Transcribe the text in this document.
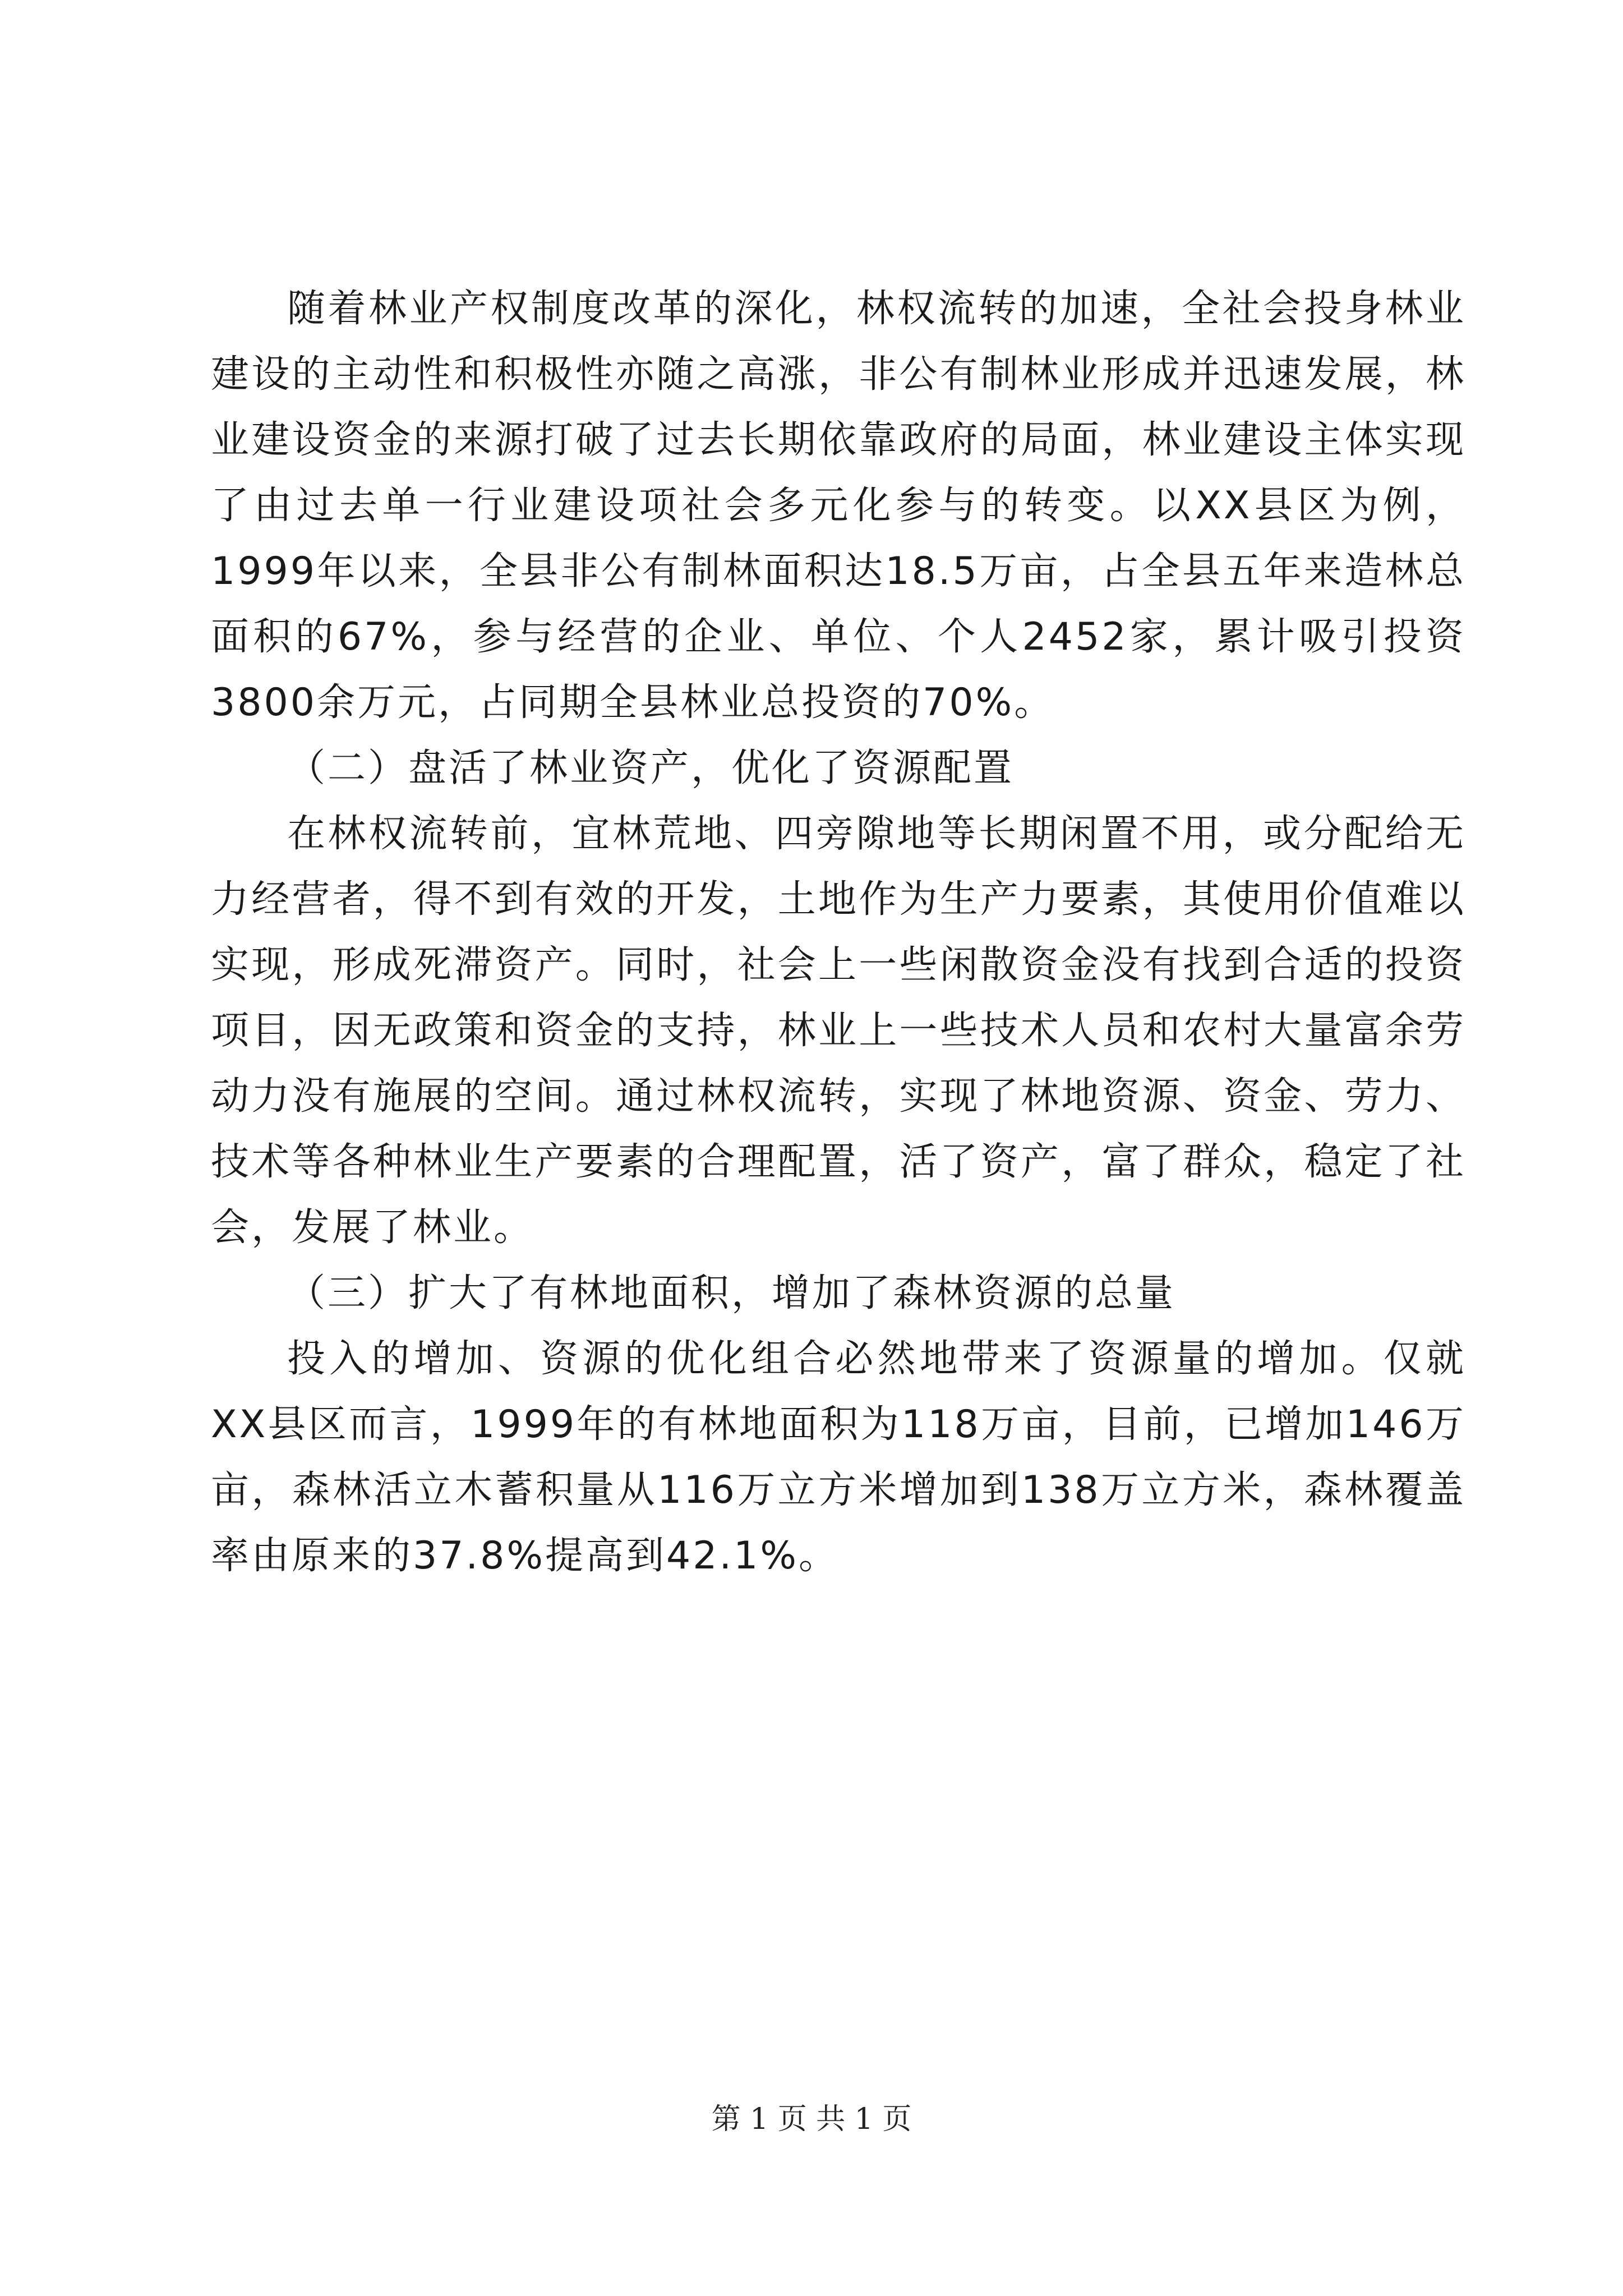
随着林业产权制度改革的深化，林权流转的加速，全社会投身林业建设的主动性和积极性亦随之高涨，非公有制林业形成并迅速发展，林业建设资金的来源打破了过去长期依靠政府的局面，林业建设主体实现了由过去单一行业建设项社会多元化参与的转变。以XX县区为例，1999年以来，全县非公有制林面积达18.5万亩，占全县五年来造林总面积的67%，参与经营的企业、单位、个人2452家，累计吸引投资3800余万元，占同期全县林业总投资的70%。

（二）盘活了林业资产，优化了资源配置

在林权流转前，宜林荒地、四旁隙地等长期闲置不用，或分配给无力经营者，得不到有效的开发，土地作为生产力要素，其使用价值难以实现，形成死滞资产。同时，社会上一些闲散资金没有找到合适的投资项目，因无政策和资金的支持，林业上一些技术人员和农村大量富余劳动力没有施展的空间。通过林权流转，实现了林地资源、资金、劳力、技术等各种林业生产要素的合理配置，活了资产，富了群众，稳定了社会，发展了林业。

（三）扩大了有林地面积，增加了森林资源的总量

投入的增加、资源的优化组合必然地带来了资源量的增加。仅就XX县区而言，1999年的有林地面积为118万亩，目前，已增加146万亩，森林活立木蓄积量从116万立方米增加到138万立方米，森林覆盖率由原来的37.8%提高到42.1%。

第 1 页 共 1 页
